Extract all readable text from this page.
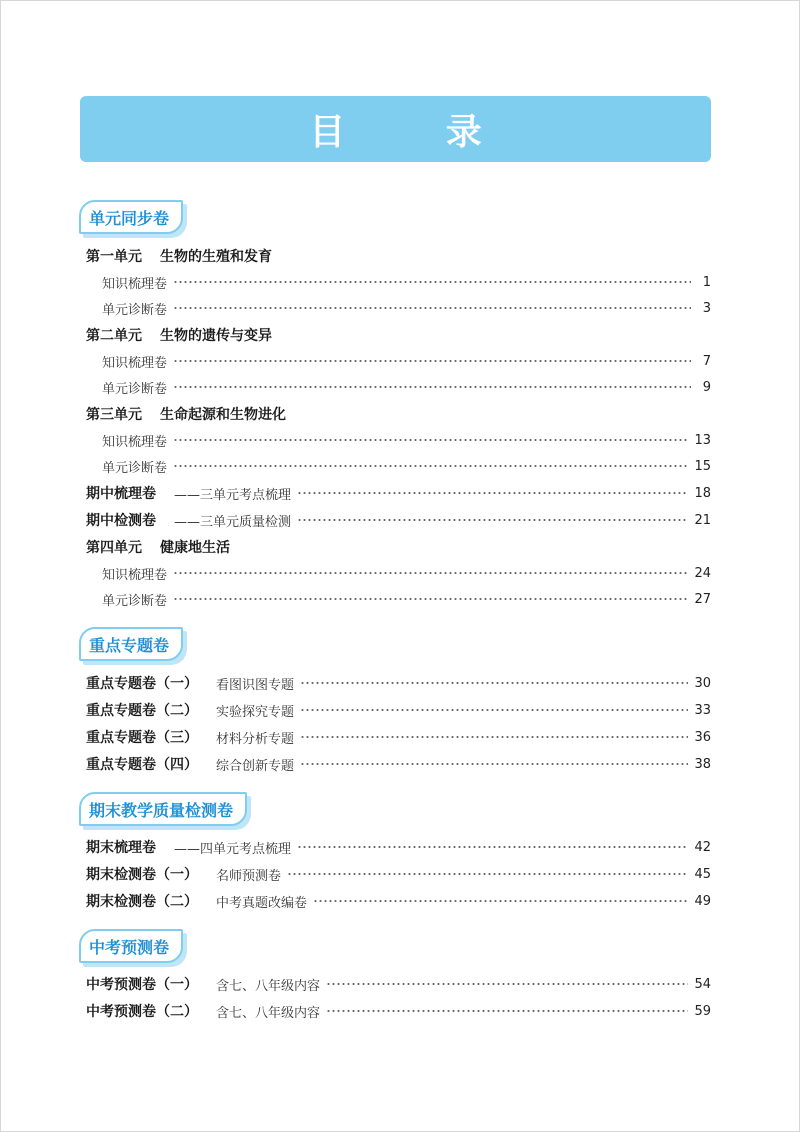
目 录
单元同步卷
第一单元 生物的生殖和发育
知识梳理卷	1
单元诊断卷	3
第二单元 生物的遗传与变异
知识梳理卷	7
单元诊断卷	9
第三单元 生命起源和生物进化
知识梳理卷	13
单元诊断卷	15
期中梳理卷 ——三单元考点梳理	18
期中检测卷 ——三单元质量检测	21
第四单元 健康地生活
知识梳理卷	24
单元诊断卷	27
重点专题卷
重点专题卷（一） 看图识图专题	30
重点专题卷（二） 实验探究专题	33
重点专题卷（三） 材料分析专题	36
重点专题卷（四） 综合创新专题	38
期末教学质量检测卷
期末梳理卷 ——四单元考点梳理	42
期末检测卷（一） 名师预测卷	45
期末检测卷（二） 中考真题改编卷	49
中考预测卷
中考预测卷（一） 含七、八年级内容	54
中考预测卷（二） 含七、八年级内容	59
